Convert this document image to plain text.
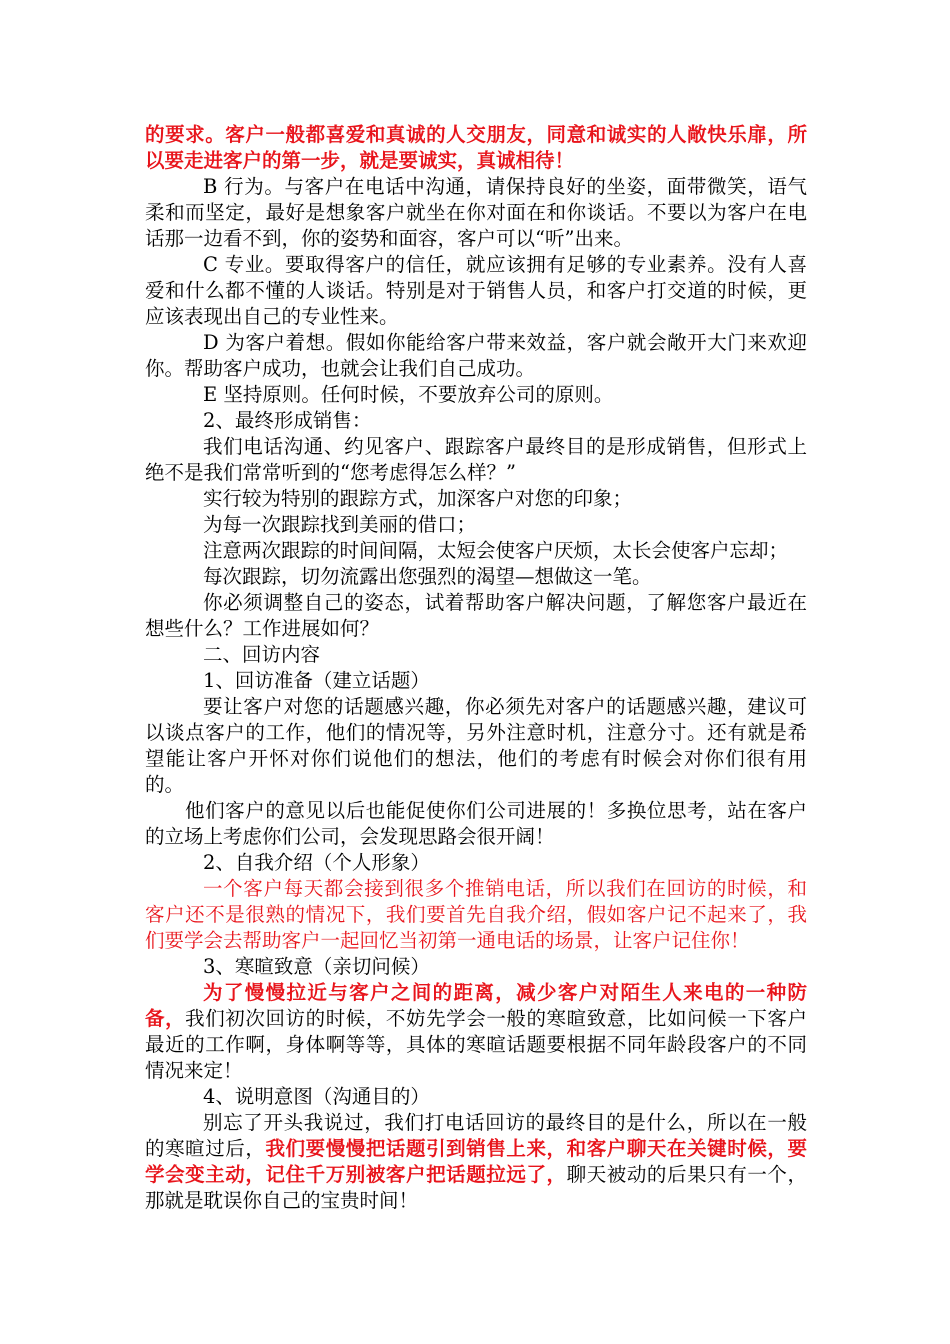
的要求。客户一般都喜爱和真诚的人交朋友，同意和诚实的人敞快乐扉，所以要走进客户的第一步，就是要诚实，真诚相待！

B 行为。与客户在电话中沟通，请保持良好的坐姿，面带微笑，语气柔和而坚定，最好是想象客户就坐在你对面在和你谈话。不要以为客户在电话那一边看不到，你的姿势和面容，客户可以“听”出来。

C 专业。要取得客户的信任，就应该拥有足够的专业素养。没有人喜爱和什么都不懂的人谈话。特别是对于销售人员，和客户打交道的时候，更应该表现出自己的专业性来。

D 为客户着想。假如你能给客户带来效益，客户就会敞开大门来欢迎你。帮助客户成功，也就会让我们自己成功。

E 坚持原则。任何时候，不要放弃公司的原则。

2、最终形成销售：

我们电话沟通、约见客户、跟踪客户最终目的是形成销售，但形式上绝不是我们常常听到的“您考虑得怎么样？”

实行较为特别的跟踪方式，加深客户对您的印象；

为每一次跟踪找到美丽的借口；

注意两次跟踪的时间间隔，太短会使客户厌烦，太长会使客户忘却；

每次跟踪，切勿流露出您强烈的渴望—想做这一笔。

你必须调整自己的姿态，试着帮助客户解决问题，了解您客户最近在想些什么？工作进展如何？

二、回访内容

1、回访准备（建立话题）

要让客户对您的话题感兴趣，你必须先对客户的话题感兴趣，建议可以谈点客户的工作，他们的情况等，另外注意时机，注意分寸。还有就是希望能让客户开怀对你们说他们的想法，他们的考虑有时候会对你们很有用的。

他们客户的意见以后也能促使你们公司进展的！多换位思考，站在客户的立场上考虑你们公司，会发现思路会很开阔！

2、自我介绍（个人形象）

一个客户每天都会接到很多个推销电话，所以我们在回访的时候，和客户还不是很熟的情况下，我们要首先自我介绍，假如客户记不起来了，我们要学会去帮助客户一起回忆当初第一通电话的场景，让客户记住你！

3、寒暄致意（亲切问候）

为了慢慢拉近与客户之间的距离，减少客户对陌生人来电的一种防备，我们初次回访的时候，不妨先学会一般的寒暄致意，比如问候一下客户最近的工作啊，身体啊等等，具体的寒暄话题要根据不同年龄段客户的不同情况来定！

4、说明意图（沟通目的）

别忘了开头我说过，我们打电话回访的最终目的是什么，所以在一般的寒暄过后，我们要慢慢把话题引到销售上来，和客户聊天在关键时候，要学会变主动，记住千万别被客户把话题拉远了，聊天被动的后果只有一个，那就是耽误你自己的宝贵时间！
